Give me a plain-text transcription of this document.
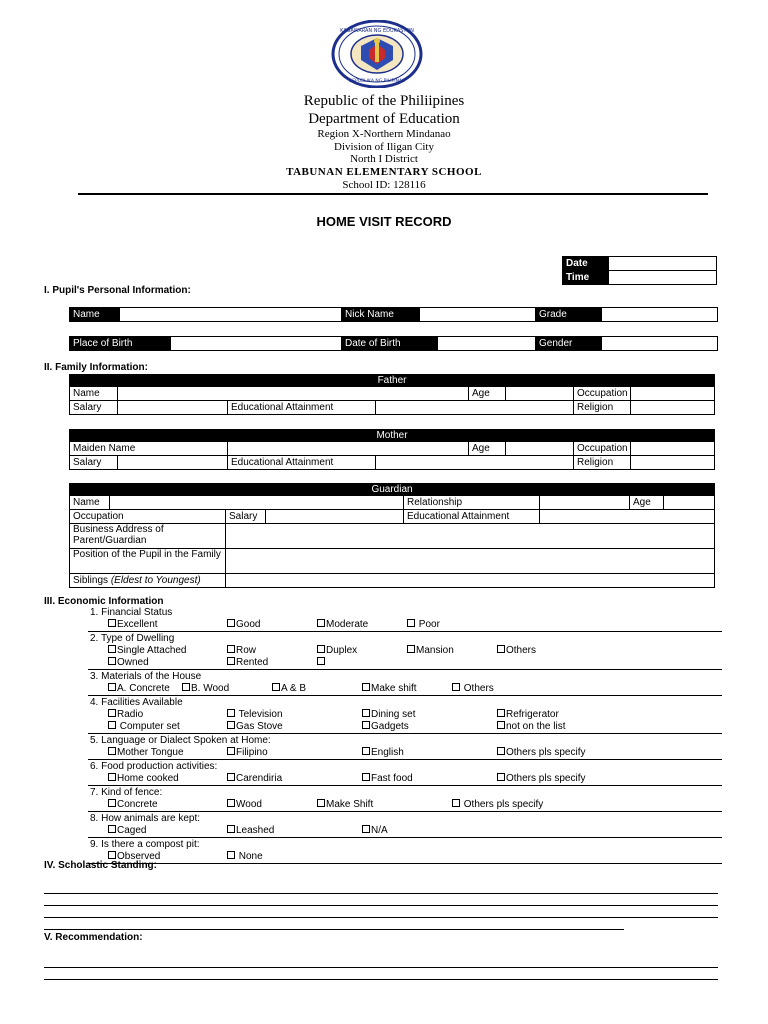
KAGAWARAN NG EDUKASYON
REPUBLIKA NG PILIPINAS
Republic of the Philiipines
Department of Education
Region X-Northern Mindanao
Division of Iligan City
North I District
TABUNAN ELEMENTARY SCHOOL
School ID: 128116
HOME VISIT RECORD
Date	
Time	
I. Pupil's Personal Information:
Name		Nick Name		Grade	
Place of Birth		Date of Birth		Gender	
II. Family Information:
Father							
Name				Age		Occupation	
Salary		Educational Attainment				Religion	
Mother							
Maiden Name				Age		Occupation	
Salary		Educational Attainment				Religion	
Guardian							
Name				Relationship		Age	
Occupation		Salary		Educational Attainment			
Business Address of Parent/Guardian							
Position of the Pupil in the Family							
Siblings (Eldest to Youngest)							
III. Economic Information
1. Financial Status
Excellent	Good	Moderate	Poor
2. Type of Dwelling
Single Attached	Row	Duplex	Mansion	Others
Owned	Rented
3. Materials of the House
A. Concrete	B. Wood	A & B	Make shift	Others
4. Facilities Available
Radio	Television	Dining set	Refrigerator
Computer set	Gas Stove	Gadgets	not on the list
5. Language or Dialect Spoken at Home:
Mother Tongue	Filipino	English	Others pls specify
6. Food production activities:
Home cooked	Carendiria	Fast food	Others pls specify
7. Kind of fence:
Concrete	Wood	Make Shift	Others pls specify
8. How animals are kept:
Caged	Leashed	N/A
9. Is there a compost pit:
Observed	None
IV. Scholastic Standing:
V. Recommendation:
